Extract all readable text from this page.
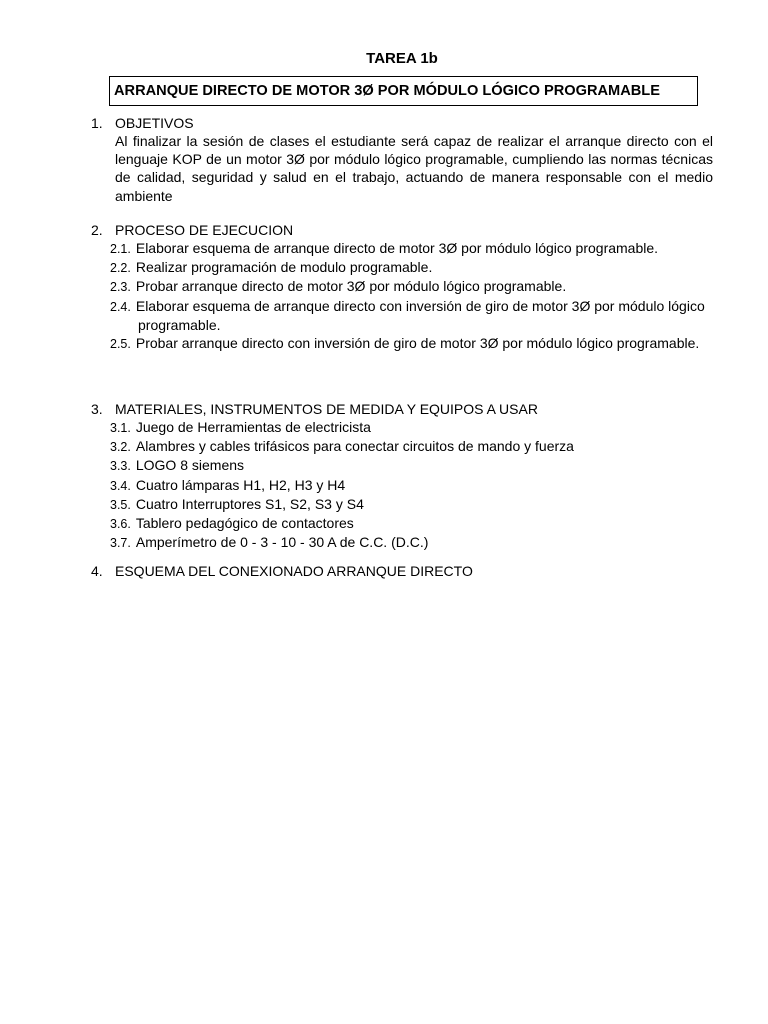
TAREA 1b
ARRANQUE DIRECTO DE MOTOR 3Ø POR MÓDULO LÓGICO PROGRAMABLE
1. OBJETIVOS

Al finalizar la sesión de clases el estudiante será capaz de realizar el arranque directo con el lenguaje KOP de un motor 3Ø por módulo lógico programable, cumpliendo las normas técnicas de calidad, seguridad y salud en el trabajo, actuando de manera responsable con el medio ambiente

2. PROCESO DE EJECUCION
2.1. Elaborar esquema de arranque directo de motor 3Ø por módulo lógico programable.
2.2. Realizar programación de modulo programable.
2.3. Probar arranque directo de motor 3Ø por módulo lógico programable.
2.4. Elaborar esquema de arranque directo con inversión de giro de motor 3Ø por módulo lógico
programable.
2.5. Probar arranque directo con inversión de giro de motor 3Ø por módulo lógico programable.
3. MATERIALES, INSTRUMENTOS DE MEDIDA Y EQUIPOS A USAR
3.1. Juego de Herramientas de electricista
3.2. Alambres y cables trifásicos para conectar circuitos de mando y fuerza
3.3. LOGO 8 siemens
3.4. Cuatro lámparas H1, H2, H3 y H4
3.5. Cuatro Interruptores S1, S2, S3 y S4
3.6. Tablero pedagógico de contactores
3.7. Amperímetro de 0 - 3 - 10 - 30 A de C.C. (D.C.)
4. ESQUEMA DEL CONEXIONADO ARRANQUE DIRECTO
